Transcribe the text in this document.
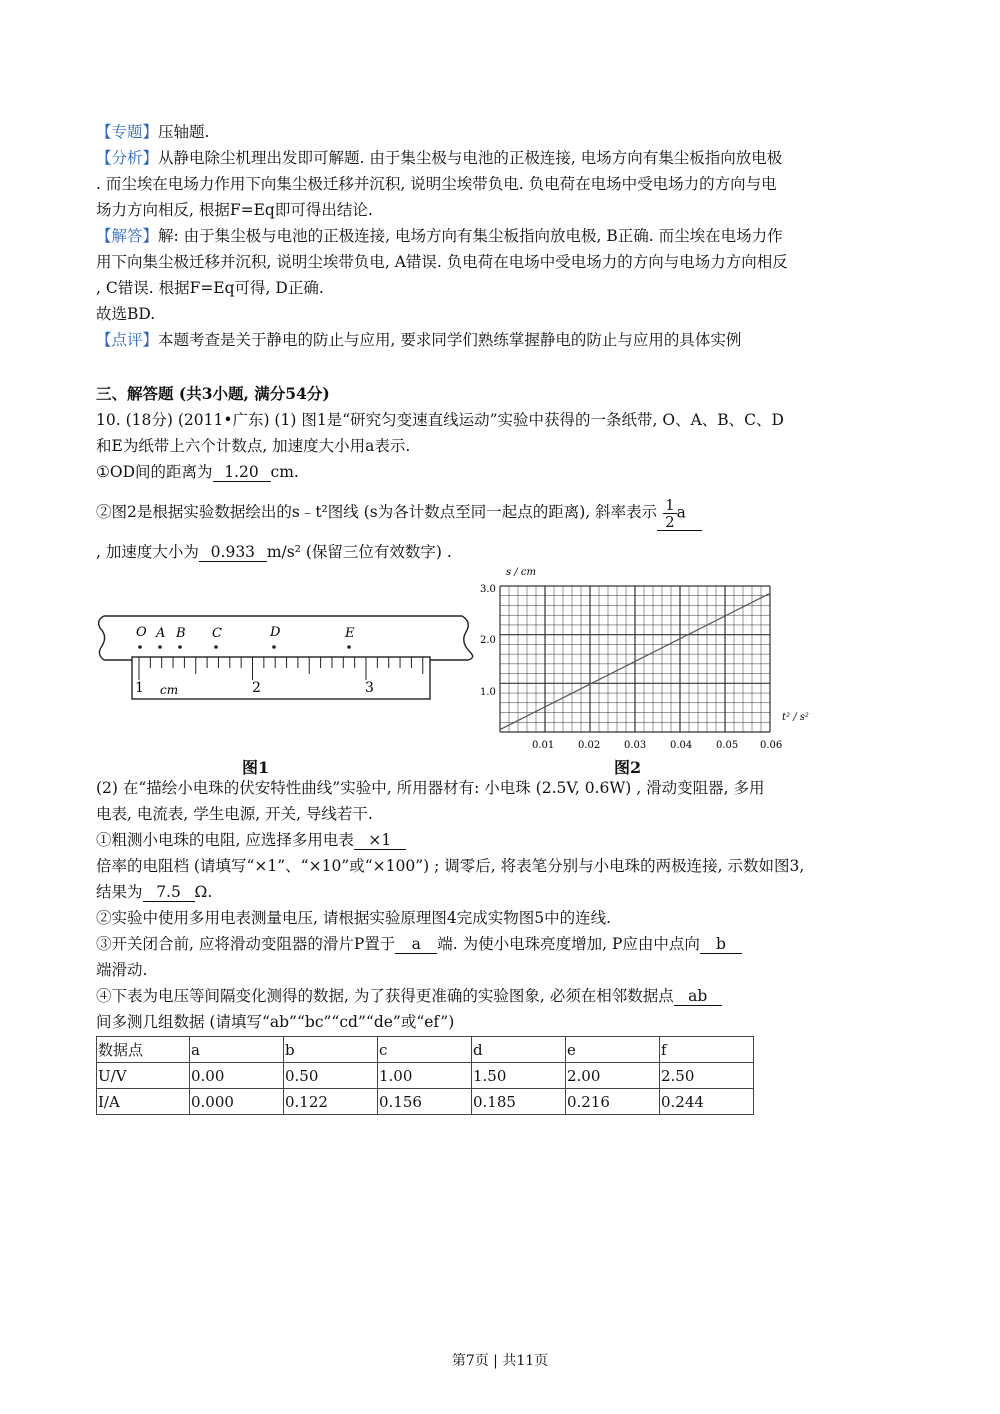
【专题】压轴题.
【分析】从静电除尘机理出发即可解题. 由于集尘极与电池的正极连接, 电场方向有集尘板指向放电极
. 而尘埃在电场力作用下向集尘极迁移并沉积, 说明尘埃带负电. 负电荷在电场中受电场力的方向与电
场力方向相反, 根据F=Eq即可得出结论.
【解答】解: 由于集尘极与电池的正极连接, 电场方向有集尘板指向放电极, B正确. 而尘埃在电场力作
用下向集尘极迁移并沉积, 说明尘埃带负电, A错误. 负电荷在电场中受电场力的方向与电场力方向相反
, C错误. 根据F=Eq可得, D正确.
故选BD.
【点评】本题考查是关于静电的防止与应用, 要求同学们熟练掌握静电的防止与应用的具体实例
三、解答题 (共3小题, 满分54分)
10. (18分) (2011•广东) (1) 图1是“研究匀变速直线运动”实验中获得的一条纸带, O、A、B、C、D
和E为纸带上六个计数点, 加速度大小用a表示.
①OD间的距离为 1.20 cm.
②图2是根据实验数据绘出的s﹣t²图线 (s为各计数点至同一起点的距离), 斜率表示 $\frac{1}{2}$ a
, 加速度大小为 0.933 m/s² (保留三位有效数字) .
O A B C	D	E
1	2	3
cm
图1
s / cm
t² / s²
3.0
2.0
1.0
0.01 0.02 0.03 0.04 0.05 0.06
图2
(2) 在“描绘小电珠的伏安特性曲线”实验中, 所用器材有: 小电珠 (2.5V, 0.6W) , 滑动变阻器, 多用
电表, 电流表, 学生电源, 开关, 导线若干.
①粗测小电珠的电阻, 应选择多用电表 ×1
倍率的电阻档 (请填写“×1”、“×10”或“×100”) ; 调零后, 将表笔分别与小电珠的两极连接, 示数如图3,
结果为 7.5 Ω.
②实验中使用多用电表测量电压, 请根据实验原理图4完成实物图5中的连线.
③开关闭合前, 应将滑动变阻器的滑片P置于 a 端. 为使小电珠亮度增加, P应由中点向 b
端滑动.
④下表为电压等间隔变化测得的数据, 为了获得更准确的实验图象, 必须在相邻数据点 ab
间多测几组数据 (请填写“ab”“bc”“cd”“de”或“ef”)
数据点	a	b	c	d	e	f
U/V	0.00	0.50	1.00	1.50	2.00	2.50
I/A	0.000	0.122	0.156	0.185	0.216	0.244
第7页 | 共11页
